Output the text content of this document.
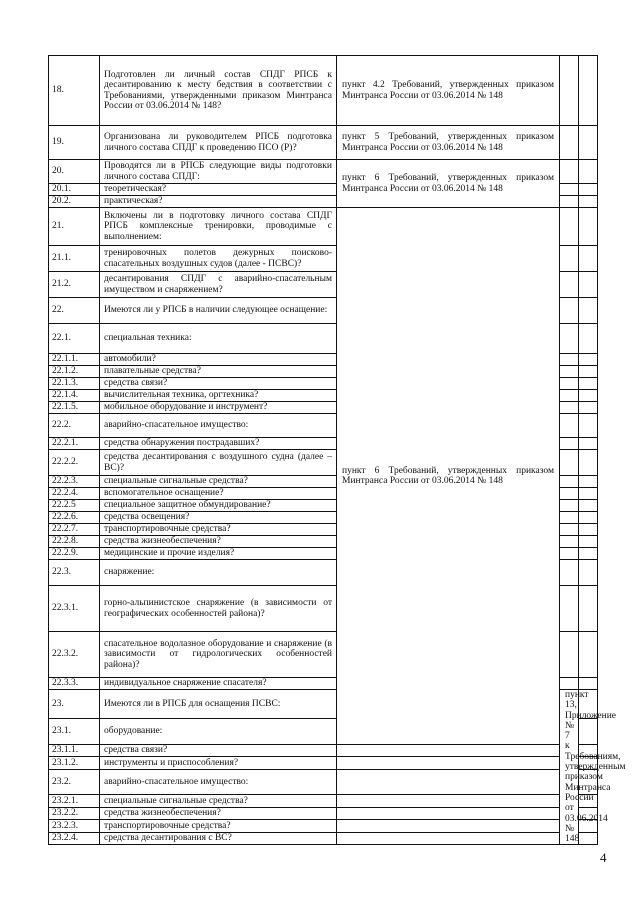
18.	Подготовлен ли личный состав СПДГ РПСБ к десантированию к месту бедствия в соответствии с Требованиями, утвержденными приказом Минтранса России от 03.06.2014 № 148?	пункт 4.2 Требований, утвержденных приказом Минтранса России от 03.06.2014 № 148			
19.	Организована ли руководителем РПСБ подготовка личного состава СПДГ к проведению ПСО (Р)?	пункт 5 Требований, утвержденных приказом Минтранса России от 03.06.2014 № 148			
20.	Проводятся ли в РПСБ следующие виды подготовки личного состава СПДГ:	пункт 6 Требований, утвержденных приказом Минтранса России от 03.06.2014 № 148			
20.1.	теоретическая?				
20.2.	практическая?				
21.	Включены ли в подготовку личного состава СПДГ РПСБ комплексные тренировки, проводимые с выполнением:	пункт 6 Требований, утвержденных приказом Минтранса России от 03.06.2014 № 148			
21.1.	тренировочных полетов дежурных поисково-спасательных воздушных судов (далее - ПСВС)?				
21.2.	десантирования СПДГ с аварийно-спасательным имуществом и снаряжением?				
22.	Имеются ли у РПСБ в наличии следующее оснащение:				
22.1.	специальная техника:				
22.1.1.	автомобили?				
22.1.2.	плавательные средства?				
22.1.3.	средства связи?				
22.1.4.	вычислительная техника, оргтехника?				
22.1.5.	мобильное оборудование и инструмент?				
22.2.	аварийно-спасательное имущество:				
22.2.1.	средства обнаружения пострадавших?				
22.2.2.	средства десантирования с воздушного судна (далее – ВС)?				
22.2.3.	специальные сигнальные средства?				
22.2.4.	вспомогательное оснащение?				
22.2.5	специальное защитное обмундирование?				
22.2.6.	средства освещения?				
22.2.7.	транспортировочные средства?				
22.2.8.	средства жизнеобеспечения?				
22.2.9.	медицинские и прочие изделия?				
22.3.	снаряжение:				
22.3.1.	горно-альпинистское снаряжение (в зависимости от географических особенностей района)?				
22.3.2.	спасательное водолазное оборудование и снаряжение (в зависимости от гидрологических особенностей района)?				
22.3.3.	индивидуальное снаряжение спасателя?				
23.	Имеются ли в РПСБ для оснащения ПСВС:		пункт 13, Приложение № 7 к Требованиям, утвержденным приказом Минтранса России от 03.06.2014 № 148		
23.1.	оборудование:				
23.1.1.	средства связи?				
23.1.2.	инструменты и приспособления?				
23.2.	аварийно-спасательное имущество:				
23.2.1.	специальные сигнальные средства?				
23.2.2.	средства жизнеобеспечения?				
23.2.3.	транспортировочные средства?				
23.2.4.	средства десантирования с ВС?				
4
